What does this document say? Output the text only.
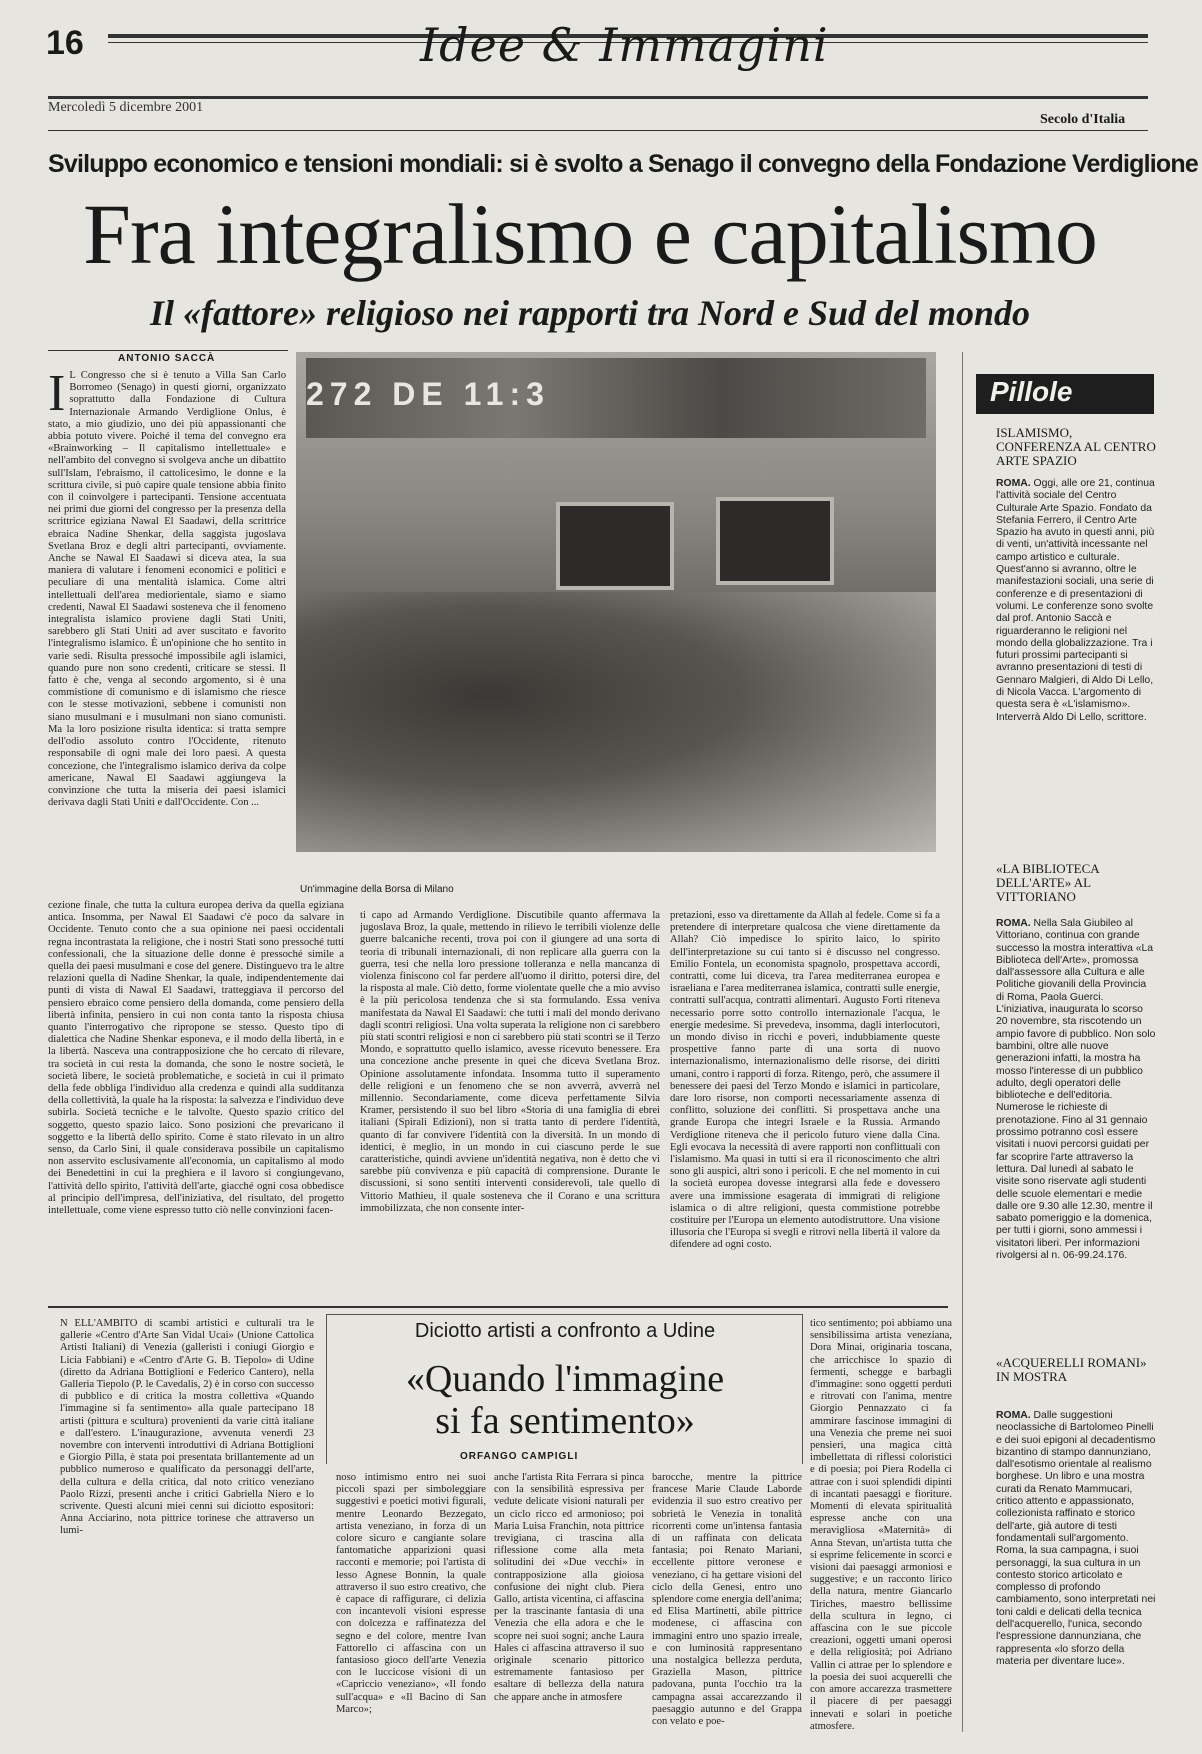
16	Idee & Immagini
Mercoledì 5 dicembre 2001
Secolo d'Italia
Sviluppo economico e tensioni mondiali: si è svolto a Senago il convegno della Fondazione Verdiglione
Fra integralismo e capitalismo
Il «fattore» religioso nei rapporti tra Nord e Sud del mondo
ANTONIO SACCÀ

I L Congresso che si è tenuto a Villa San Carlo Borromeo (Senago) in questi giorni, organizzato soprattutto dalla Fondazione di Cultura Internazionale Armando Verdiglione Onlus, è stato, a mio giudizio, uno dei più appassionanti che abbia potuto vivere. Poiché il tema del convegno era «Brainworking – Il capitalismo intellettuale» e nell'ambito del convegno si svolgeva anche un dibattito sull'Islam, l'ebraismo, il cattolicesimo, le donne e la scrittura civile, si può capire quale tensione abbia finito con il coinvolgere i partecipanti. Tensione accentuata nei primi due giorni del congresso per la presenza della scrittrice egiziana Nawal El Saadawi, della scrittrice ebraica Nadine Shenkar, della saggista jugoslava Svetlana Broz e degli altri partecipanti, ovviamente. Anche se Nawal El Saadawi si diceva atea, la sua maniera di valutare i fenomeni economici e politici e peculiare di una mentalità islamica. Come altri intellettuali dell'area mediorientale, siamo e siamo credenti, Nawal El Saadawi sosteneva che il fenomeno integralista islamico proviene dagli Stati Uniti, sarebbero gli Stati Uniti ad aver suscitato e favorito l'integralismo islamico. È un'opinione che ho sentito in varie sedi. Risulta pressoché impossibile agli islamici, quando pure non sono credenti, criticare se stessi. Il fatto è che, venga al secondo argomento, si è una commistione di comunismo e di islamismo che riesce con le stesse motivazioni, sebbene i comunisti non siano musulmani e i musulmani non siano comunisti. Ma la loro posizione risulta identica: si tratta sempre dell'odio assoluto contro l'Occidente, ritenuto responsabile di ogni male dei loro paesi. A questa concezione, che l'integralismo islamico deriva da colpe americane, Nawal El Saadawi aggiungeva la convinzione che tutta la miseria dei paesi islamici derivava dagli Stati Uniti e dall'Occidente. Con ...

272 DE 11:3
Un'immagine della Borsa di Milano

cezione finale, che tutta la cultura europea deriva da quella egiziana antica. Insomma, per Nawal El Saadawi c'è poco da salvare in Occidente. Tenuto conto che a sua opinione nei paesi occidentali regna incontrastata la religione, che i nostri Stati sono pressoché tutti confessionali, che la situazione delle donne è pressoché simile a quella dei paesi musulmani e cose del genere. Distinguevo tra le altre relazioni quella di Nadine Shenkar, la quale, indipendentemente dai punti di vista di Nawal El Saadawi, tratteggiava il percorso del pensiero ebraico come pensiero della domanda, come pensiero della libertà infinita, pensiero in cui non conta tanto la risposta chiusa quanto l'interrogativo che ripropone se stesso. Questo tipo di dialettica che Nadine Shenkar esponeva, e il modo della libertà, in e la libertà. Nasceva una contrapposizione che ho cercato di rilevare, tra società in cui resta la domanda, che sono le nostre società, le società libere, le società problematiche, e società in cui il primato della fede obbliga l'individuo alla credenza e quindi alla sudditanza della collettività, la quale ha la risposta: la salvezza e l'individuo deve subirla. Società tecniche e le talvolte. Questo spazio critico del soggetto, questo spazio laico. Sono posizioni che prevaricano il soggetto e la libertà dello spirito. Come è stato rilevato in un altro senso, da Carlo Sini, il quale considerava possibile un capitalismo non asservito esclusivamente all'economia, un capitalismo al modo dei Benedettini in cui la preghiera e il lavoro si congiungevano, l'attività dello spirito, l'attività dell'arte, giacché ogni cosa obbedisce al principio dell'impresa, dell'iniziativa, del risultato, del progetto intellettuale, come viene espresso tutto ciò nelle convinzioni facen-

ti capo ad Armando Verdiglione. Discutibile quanto affermava la jugoslava Broz, la quale, mettendo in rilievo le terribili violenze delle guerre balcaniche recenti, trova poi con il giungere ad una sorta di teoria di tribunali internazionali, di non replicare alla guerra con la guerra, tesi che nella loro pressione tolleranza e nella mancanza di violenza finiscono col far perdere all'uomo il diritto, potersi dire, del la risposta al male. Ciò detto, forme violentate quelle che a mio avviso è la più pericolosa tendenza che si sta formulando. Essa veniva manifestata da Nawal El Saadawi: che tutti i mali del mondo derivano dagli scontri religiosi. Una volta superata la religione non ci sarebbero più stati scontri religiosi e non ci sarebbero più stati scontri se il Terzo Mondo, e soprattutto quello islamico, avesse ricevuto benessere. Era una concezione anche presente in quei che diceva Svetlana Broz. Opinione assolutamente infondata. Insomma tutto il superamento delle religioni e un fenomeno che se non avverrà, avverrà nel millennio. Secondariamente, come diceva perfettamente Silvia Kramer, persistendo il suo bel libro «Storia di una famiglia di ebrei italiani (Spirali Edizioni), non si tratta tanto di perdere l'identità, quanto di far convivere l'identità con la diversità. In un mondo di identici, è meglio, in un mondo in cui ciascuno perde le sue caratteristiche, quindi avviene un'identità negativa, non è detto che vi sarebbe più convivenza e più capacità di comprensione. Durante le discussioni, si sono sentiti interventi considerevoli, tale quello di Vittorio Mathieu, il quale sosteneva che il Corano e una scrittura immobilizzata, che non consente inter-

pretazioni, esso va direttamente da Allah al fedele. Come si fa a pretendere di interpretare qualcosa che viene direttamente da Allah? Ciò impedisce lo spirito laico, lo spirito dell'interpretazione su cui tanto si è discusso nel congresso. Emilio Fontela, un economista spagnolo, prospettava accordi, contratti, come lui diceva, tra l'area mediterranea europea e israeliana e l'area mediterranea islamica, contratti sulle energie, contratti sull'acqua, contratti alimentari. Augusto Forti riteneva necessario porre sotto controllo internazionale l'acqua, le energie medesime. Si prevedeva, insomma, dagli interlocutori, un mondo diviso in ricchi e poveri, indubbiamente queste prospettive fanno parte di una sorta di nuovo internazionalismo, internazionalismo delle risorse, dei diritti umani, contro i rapporti di forza. Ritengo, però, che assumere il benessere dei paesi del Terzo Mondo e islamici in particolare, dare loro risorse, non comporti necessariamente assenza di conflitto, soluzione dei conflitti. Si prospettava anche una grande Europa che integri Israele e la Russia. Armando Verdiglione riteneva che il pericolo futuro viene dalla Cina. Egli evocava la necessità di avere rapporti non conflittuali con l'islamismo. Ma quasi in tutti si era il riconoscimento che altri sono gli auspici, altri sono i pericoli. E che nel momento in cui la società europea dovesse integrarsi alla fede e dovessero avere una immissione esagerata di immigrati di religione islamica o di altre religioni, questa commistione potrebbe costituire per l'Europa un elemento autodistruttore. Una visione illusoria che l'Europa si svegli e ritrovi nella libertà il valore da difendere ad ogni costo.

Pillole
ISLAMISMO, CONFERENZA AL CENTRO ARTE SPAZIO
ROMA. Oggi, alle ore 21, continua l'attività sociale del Centro Culturale Arte Spazio. Fondato da Stefania Ferrero, il Centro Arte Spazio ha avuto in questi anni, più di venti, un'attività incessante nel campo artistico e culturale. Quest'anno si avranno, oltre le manifestazioni sociali, una serie di conferenze e di presentazioni di volumi. Le conferenze sono svolte dal prof. Antonio Saccà e riguarderanno le religioni nel mondo della globalizzazione. Tra i futuri prossimi partecipanti si avranno presentazioni di testi di Gennaro Malgieri, di Aldo Di Lello, di Nicola Vacca. L'argomento di questa sera è «L'islamismo». Interverrà Aldo Di Lello, scrittore.
«LA BIBLIOTECA DELL'ARTE» AL VITTORIANO
ROMA. Nella Sala Giubileo al Vittoriano, continua con grande successo la mostra interattiva «La Biblioteca dell'Arte», promossa dall'assessore alla Cultura e alle Politiche giovanili della Provincia di Roma, Paola Guerci. L'iniziativa, inaugurata lo scorso 20 novembre, sta riscotendo un ampio favore di pubblico. Non solo bambini, oltre alle nuove generazioni infatti, la mostra ha mosso l'interesse di un pubblico adulto, degli operatori delle biblioteche e dell'editoria. Numerose le richieste di prenotazione. Fino al 31 gennaio prossimo potranno così essere visitati i nuovi percorsi guidati per far scoprire l'arte attraverso la lettura. Dal lunedì al sabato le visite sono riservate agli studenti delle scuole elementari e medie dalle ore 9.30 alle 12.30, mentre il sabato pomeriggio e la domenica, per tutti i giorni, sono ammessi i visitatori liberi. Per informazioni rivolgersi al n. 06-99.24.176.
«ACQUERELLI ROMANI» IN MOSTRA
ROMA. Dalle suggestioni neoclassiche di Bartolomeo Pinelli e dei suoi epigoni al decadentismo bizantino di stampo dannunziano, dall'esotismo orientale al realismo borghese. Un libro e una mostra curati da Renato Mammucari, critico attento e appassionato, collezionista raffinato e storico dell'arte, già autore di testi fondamentali sull'argomento. Roma, la sua campagna, i suoi personaggi, la sua cultura in un contesto storico articolato e complesso di profondo cambiamento, sono interpretati nei toni caldi e delicati della tecnica dell'acquerello, l'unica, secondo l'espressione dannunziana, che rappresenta «lo sforzo della materia per diventare luce».
Diciotto artisti a confronto a Udine
«Quando l'immagine
si fa sentimento»
ORFANGO CAMPIGLI

N ELL'AMBITO di scambi artistici e culturali tra le gallerie «Centro d'Arte San Vidal Ucai» (Unione Cattolica Artisti Italiani) di Venezia (galleristi i coniugi Giorgio e Licia Fabbiani) e «Centro d'Arte G. B. Tiepolo» di Udine (diretto da Adriana Bottiglioni e Federico Cantero), nella Galleria Tiepolo (P. le Cavedalis, 2) è in corso con successo di pubblico e di critica la mostra collettiva «Quando l'immagine si fa sentimento» alla quale partecipano 18 artisti (pittura e scultura) provenienti da varie città italiane e dall'estero. L'inaugurazione, avvenuta venerdì 23 novembre con interventi introduttivi di Adriana Bottiglioni e Giorgio Pilla, è stata poi presentata brillantemente ad un pubblico numeroso e qualificato da personaggi dell'arte, della cultura e della critica, dal noto critico veneziano Paolo Rizzi, presenti anche i critici Gabriella Niero e lo scrivente. Questi alcuni miei cenni sui diciotto espositori: Anna Acciarino, nota pittrice torinese che attraverso un lumi-

noso intimismo entro nei suoi piccoli spazi per simboleggiare suggestivi e poetici motivi figurali, mentre Leonardo Bezzegato, artista veneziano, in forza di un colore sicuro e cangiante solare fantomatiche apparizioni quasi racconti e memorie; poi l'artista di lesso Agnese Bonnin, la quale attraverso il suo estro creativo, che è capace di raffigurare, ci delizia con incantevoli visioni espresse con dolcezza e raffinatezza del segno e del colore, mentre Ivan Fattorello ci affascina con un fantasioso gioco dell'arte Venezia con le luccicose visioni di un «Capriccio veneziano», «Il fondo sull'acqua» e «Il Bacino di San Marco»;

anche l'artista Rita Ferrara si pinca con la sensibilità espressiva per vedute delicate visioni naturali per un ciclo ricco ed armonioso; poi Maria Luisa Franchin, nota pittrice trevigiana, ci trascina alla riflessione come alla meta solitudini dei «Due vecchi» in contrapposizione alla gioiosa confusione dei night club. Piera Gallo, artista vicentina, ci affascina per la trascinante fantasia di una Venezia che ella adora e che le scopre nei suoi sogni; anche Laura Hales ci affascina attraverso il suo originale scenario pittorico estremamente fantasioso per esaltare di bellezza della natura che appare anche in atmosfere

barocche, mentre la pittrice francese Marie Claude Laborde evidenzia il suo estro creativo per sobrietà le Venezia in tonalità ricorrenti come un'intensa fantasia di un raffinata con delicata fantasia; poi Renato Mariani, eccellente pittore veronese e veneziano, ci ha gettare visioni del ciclo della Genesi, entro uno splendore come energia dell'anima; ed Elisa Martinetti, abile pittrice modenese, ci affascina con immagini entro uno spazio irreale, e con luminosità rappresentano una nostalgica bellezza perduta, Graziella Mason, pittrice padovana, punta l'occhio tra la campagna assai accarezzando il paesaggio autunno e del Grappa con velato e poe-

tico sentimento; poi abbiamo una sensibilissima artista veneziana, Dora Minai, originaria toscana, che arricchisce lo spazio di fermenti, schegge e barbagli d'immagine: sono oggetti perduti e ritrovati con l'anima, mentre Giorgio Pennazzato ci fa ammirare fascinose immagini di una Venezia che preme nei suoi pensieri, una magica città imbellettata di riflessi coloristici e di poesia; poi Piera Rodella ci attrae con i suoi splendidi dipinti di incantati paesaggi e fioriture. Momenti di elevata spiritualità espresse anche con una meravigliosa «Maternità» di Anna Stevan, un'artista tutta che si esprime felicemente in scorci e visioni dai paesaggi armoniosi e suggestive; e un racconto lirico della natura, mentre Giancarlo Tiriches, maestro bellissime della scultura in legno, ci affascina con le sue piccole creazioni, oggetti umani operosi e della religiosità; poi Adriano Vallin ci attrae per lo splendore e la poesia dei suoi acquerelli che con amore accarezza trasmettere il piacere di per paesaggi innevati e solari in poetiche atmosfere.
